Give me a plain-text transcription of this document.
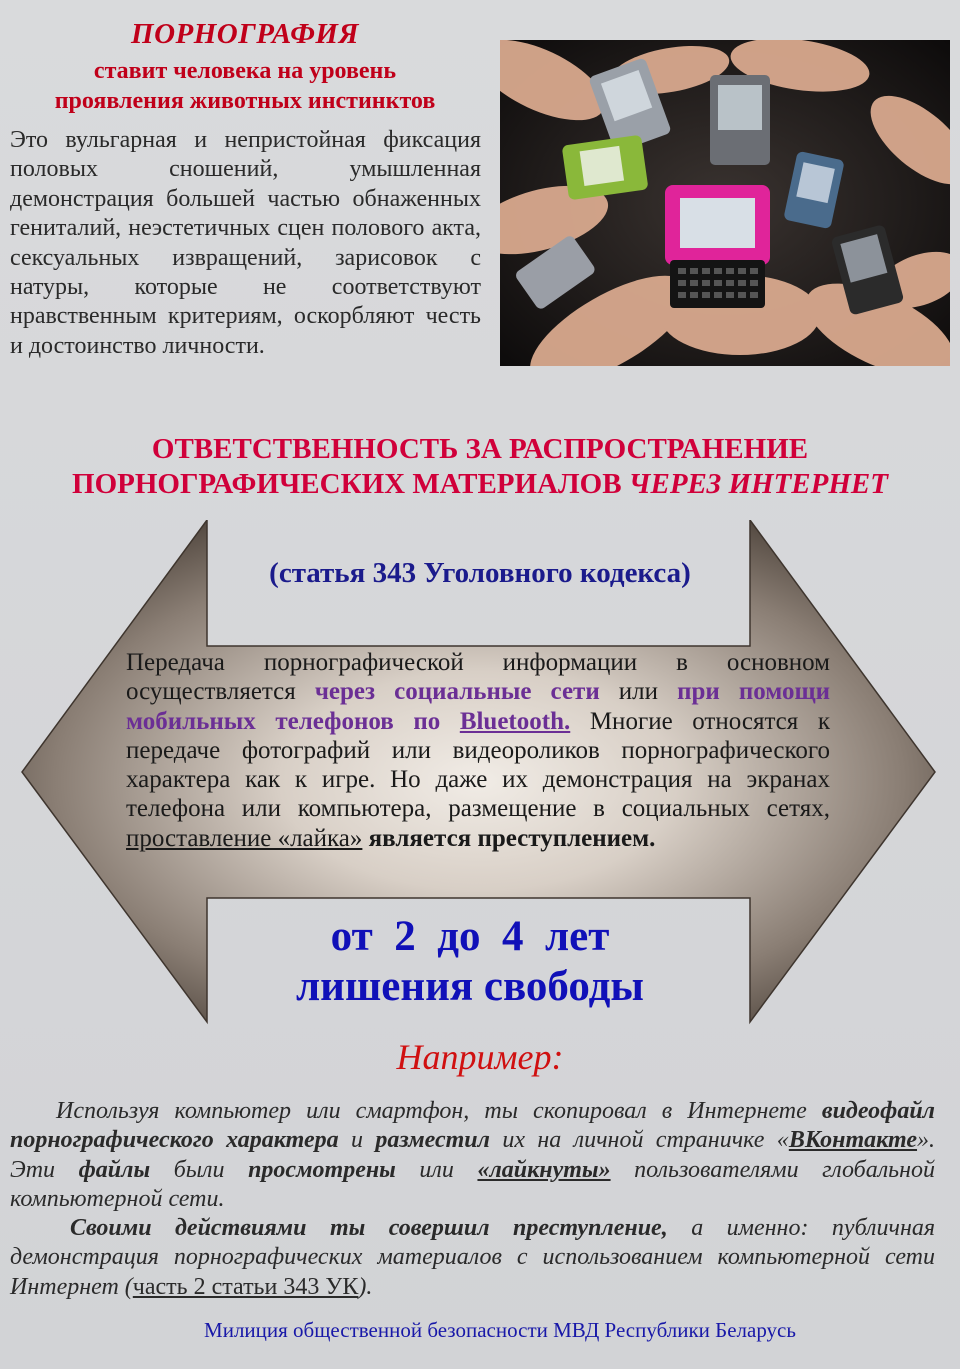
ПОРНОГРАФИЯ
ставит человека на уровень
проявления животных инстинктов
Это вульгарная и непристойная фиксация половых сношений, умышленная демонстрация большей частью обнаженных гениталий, неэстетичных сцен полового акта, сексуальных извращений, зарисовок с натуры, которые не соответствуют нравственным критериям, оскорбляют честь и достоинство личности.
ОТВЕТСТВЕННОСТЬ ЗА РАСПРОСТРАНЕНИЕ
ПОРНОГРАФИЧЕСКИХ МАТЕРИАЛОВ ЧЕРЕЗ ИНТЕРНЕТ
(статья 343 Уголовного кодекса)
Передача порнографической информации в основном осуществляется через социальные сети или при помощи мобильных телефонов по Bluetooth. Многие относятся к передаче фотографий или видеороликов порнографического характера как к игре. Но даже их демонстрация на экранах телефона или компьютера, размещение в социальных сетях, проставление «лайка» является преступлением.
от  2  до  4  лет
лишения свободы
Например:

Используя компьютер или смартфон, ты скопировал в Интернете видеофайл порнографического характера и разместил их на личной страничке «ВКонтакте». Эти файлы были просмотрены или «лайкнуты» пользователями глобальной компьютерной сети.

Своими действиями ты совершил преступление, а именно: публичная демонстрация порнографических материалов с использованием компьютерной сети Интернет (часть 2 статьи 343 УК).

Милиция общественной безопасности МВД Республики Беларусь
